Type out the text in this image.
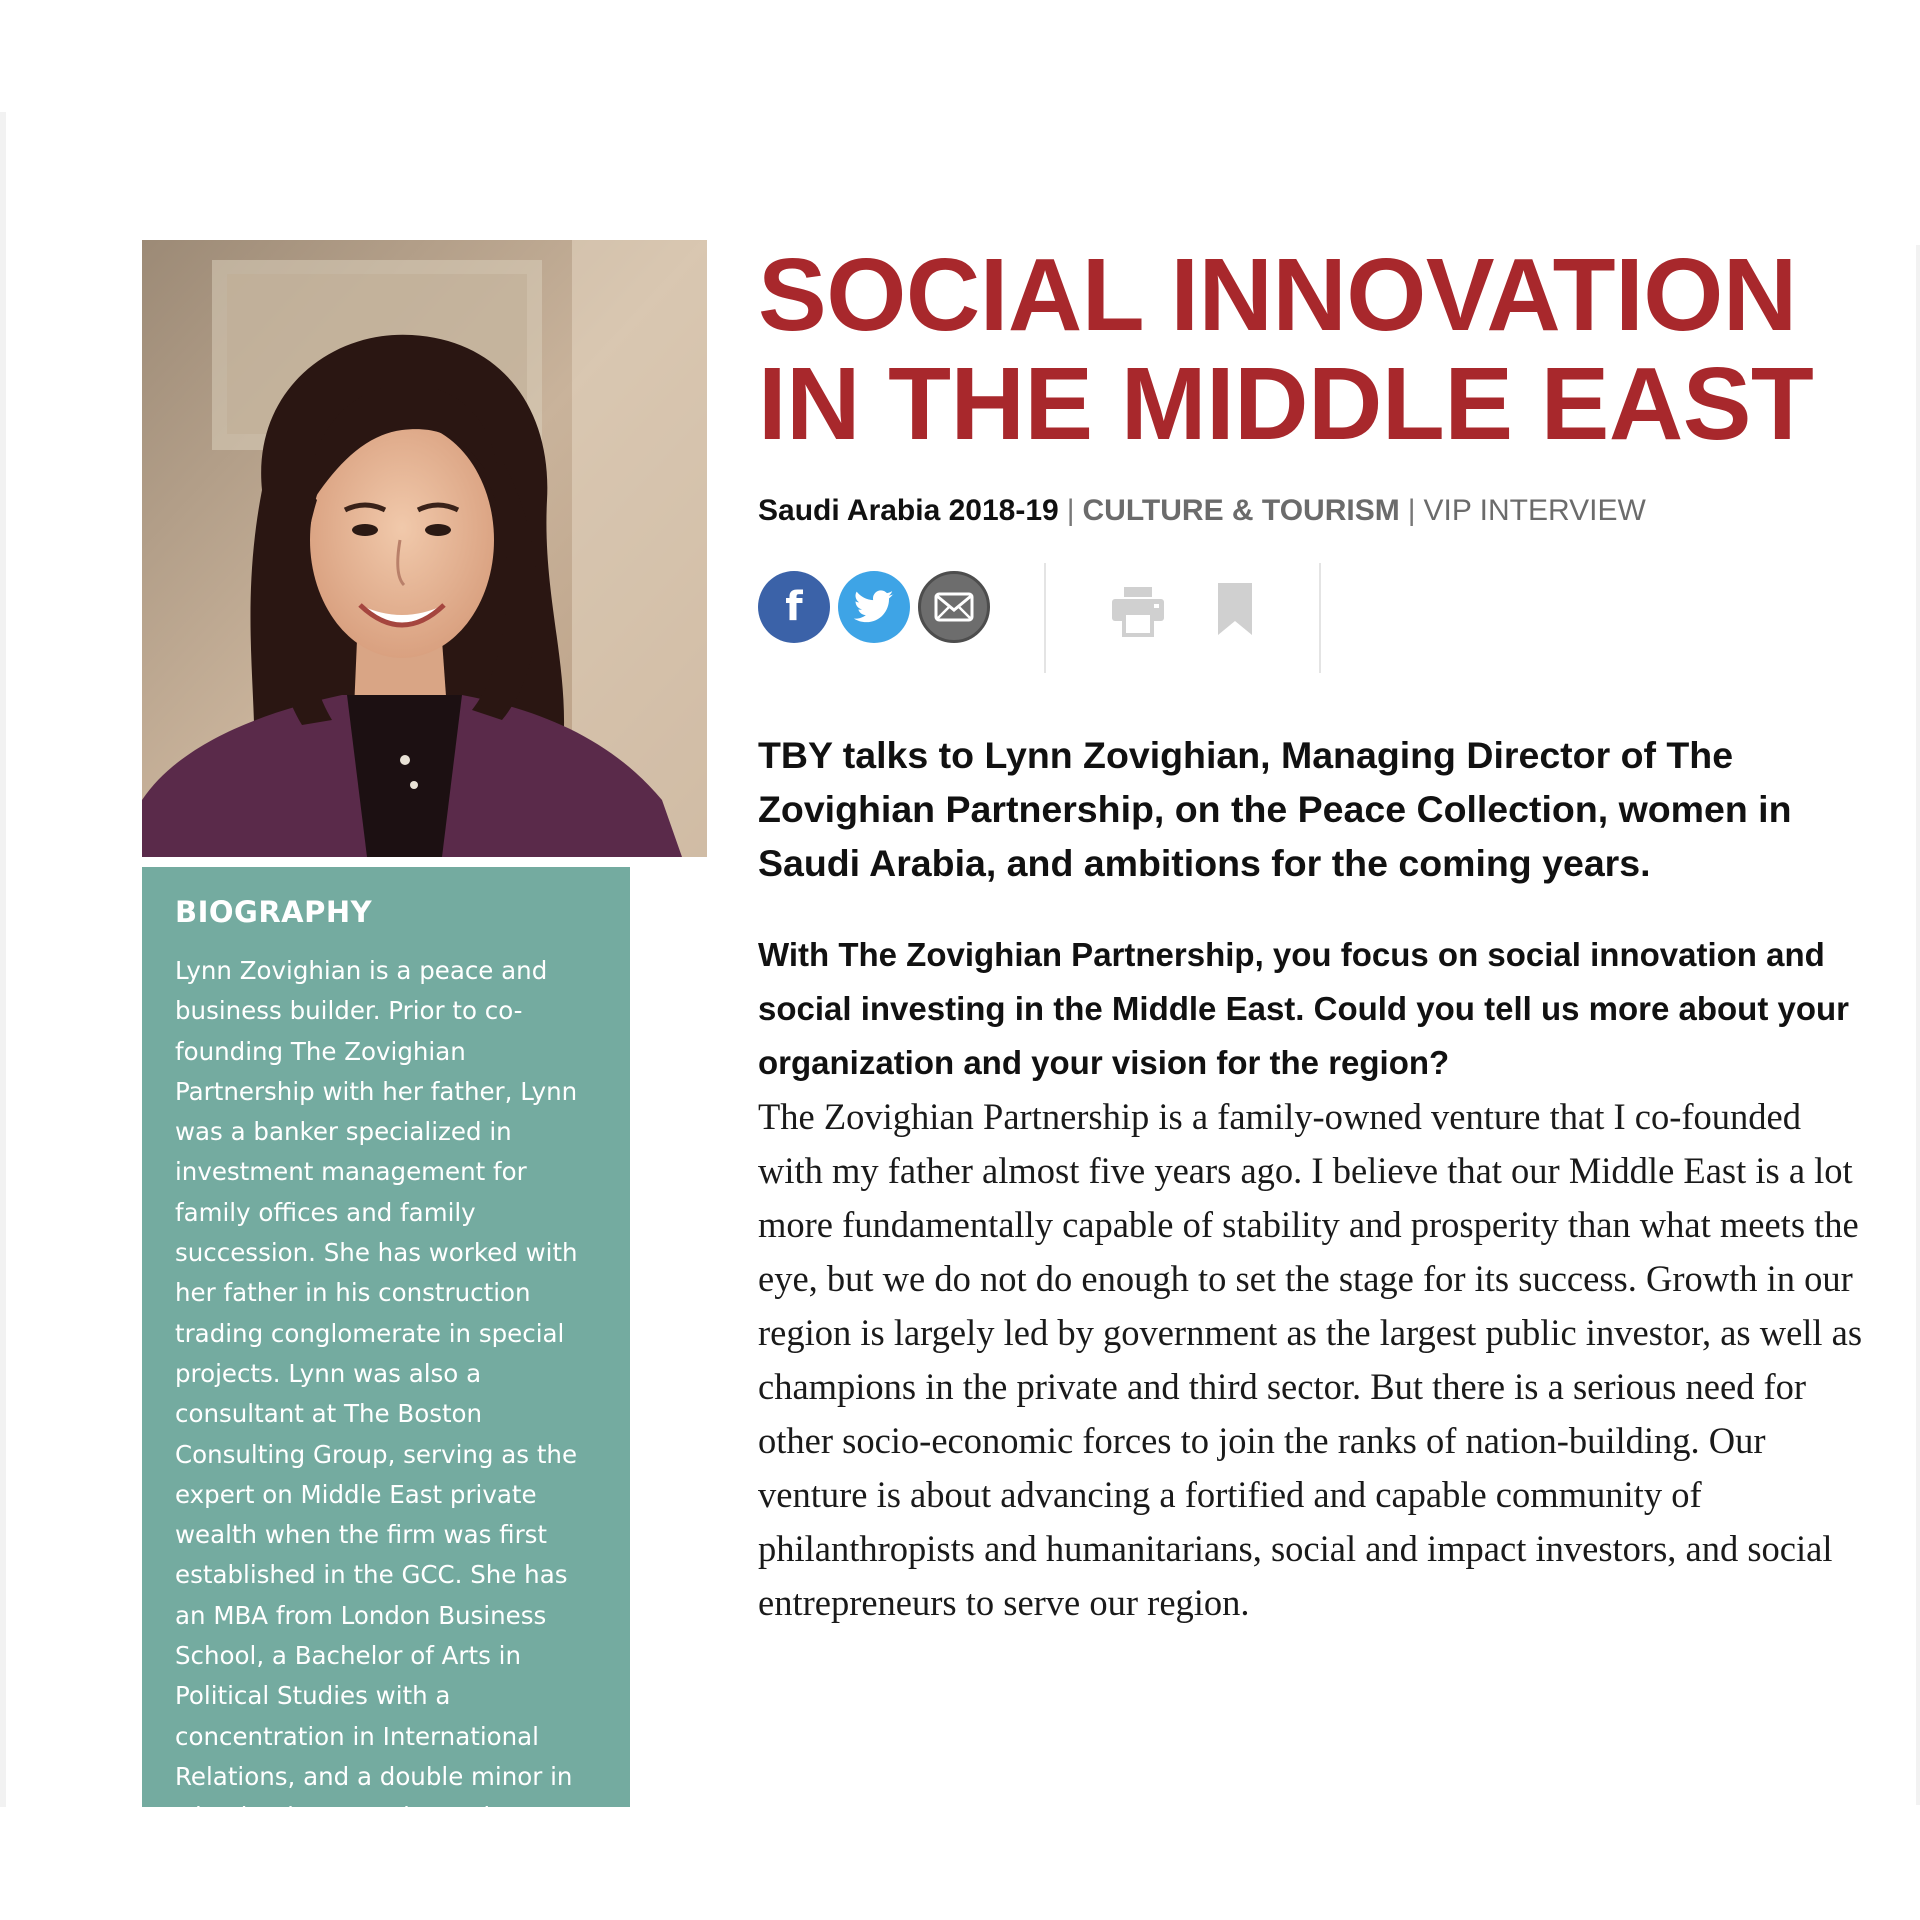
BIOGRAPHY

Lynn Zovighian is a peace and business builder. Prior to co-founding The Zovighian Partnership with her father, Lynn was a banker specialized in investment management for family offices and family succession. She has worked with her father in his construction trading conglomerate in special projects. Lynn was also a consultant at The Boston Consulting Group, serving as the expert on Middle East private wealth when the firm was first established in the GCC. She has an MBA from London Business School, a Bachelor of Arts in Political Studies with a concentration in International Relations, and a double minor in Islamic History and American Studies. Today, She is focusing her

SOCIAL INNOVATION IN THE MIDDLE EAST
Saudi Arabia 2018-19 | CULTURE & TOURISM | VIP INTERVIEW
f

TBY talks to Lynn Zovighian, Managing Director of The Zovighian Partnership, on the Peace Collection, women in Saudi Arabia, and ambitions for the coming years.

With The Zovighian Partnership, you focus on social innovation and social investing in the Middle East. Could you tell us more about your organization and your vision for the region?

The Zovighian Partnership is a family-owned venture that I co-founded with my father almost five years ago. I believe that our Middle East is a lot more fundamentally capable of stability and prosperity than what meets the eye, but we do not do enough to set the stage for its success. Growth in our region is largely led by government as the largest public investor, as well as champions in the private and third sector. But there is a serious need for other socio-economic forces to join the ranks of nation-building. Our venture is about advancing a fortified and capable community of philanthropists and humanitarians, social and impact investors, and social entrepreneurs to serve our region.
